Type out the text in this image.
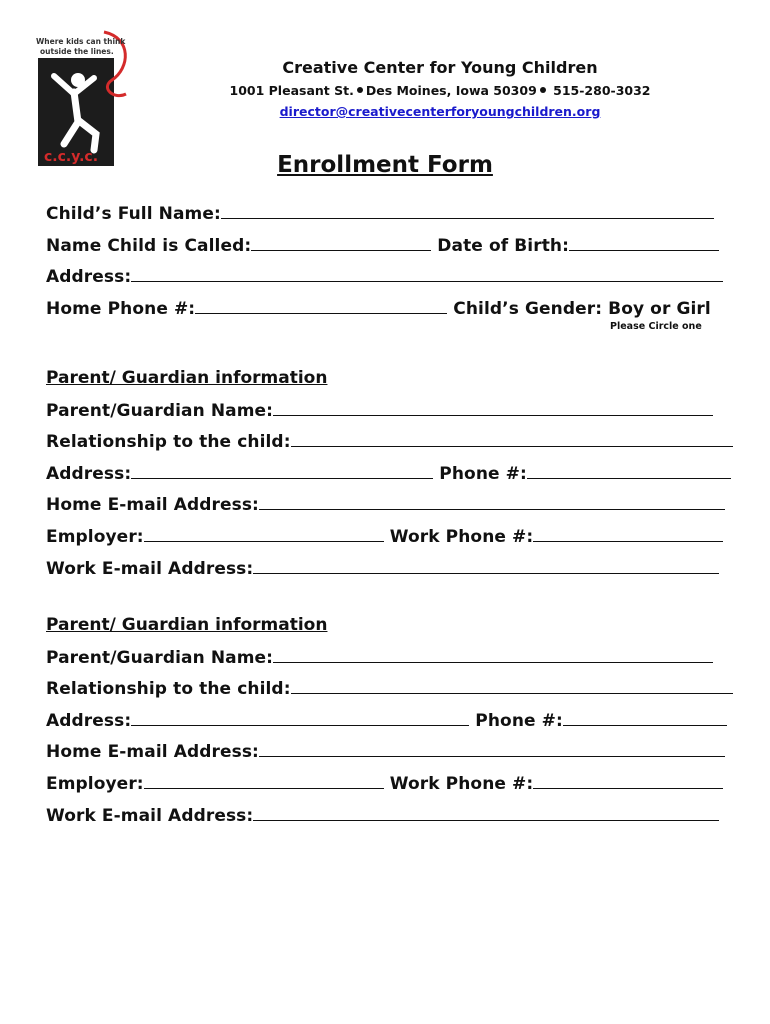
Where kids can think
outside the lines.
c.c.y.c.
Creative Center for Young Children
1001 Pleasant St. Des Moines, Iowa 50309 515-280-3032
director@creativecenterforyoungchildren.org
Enrollment Form
Child’s Full Name:
Name Child is Called:	Date of Birth:
Address:
Home Phone #:	Child’s Gender: Boy or Girl
Please Circle one
Parent/ Guardian information
Parent/Guardian Name:
Relationship to the child:
Address:	Phone #:
Home E-mail Address:
Employer:	Work Phone #:
Work E-mail Address:
Parent/ Guardian information
Parent/Guardian Name:
Relationship to the child:
Address:	Phone #:
Home E-mail Address:
Employer:	Work Phone #:
Work E-mail Address:
